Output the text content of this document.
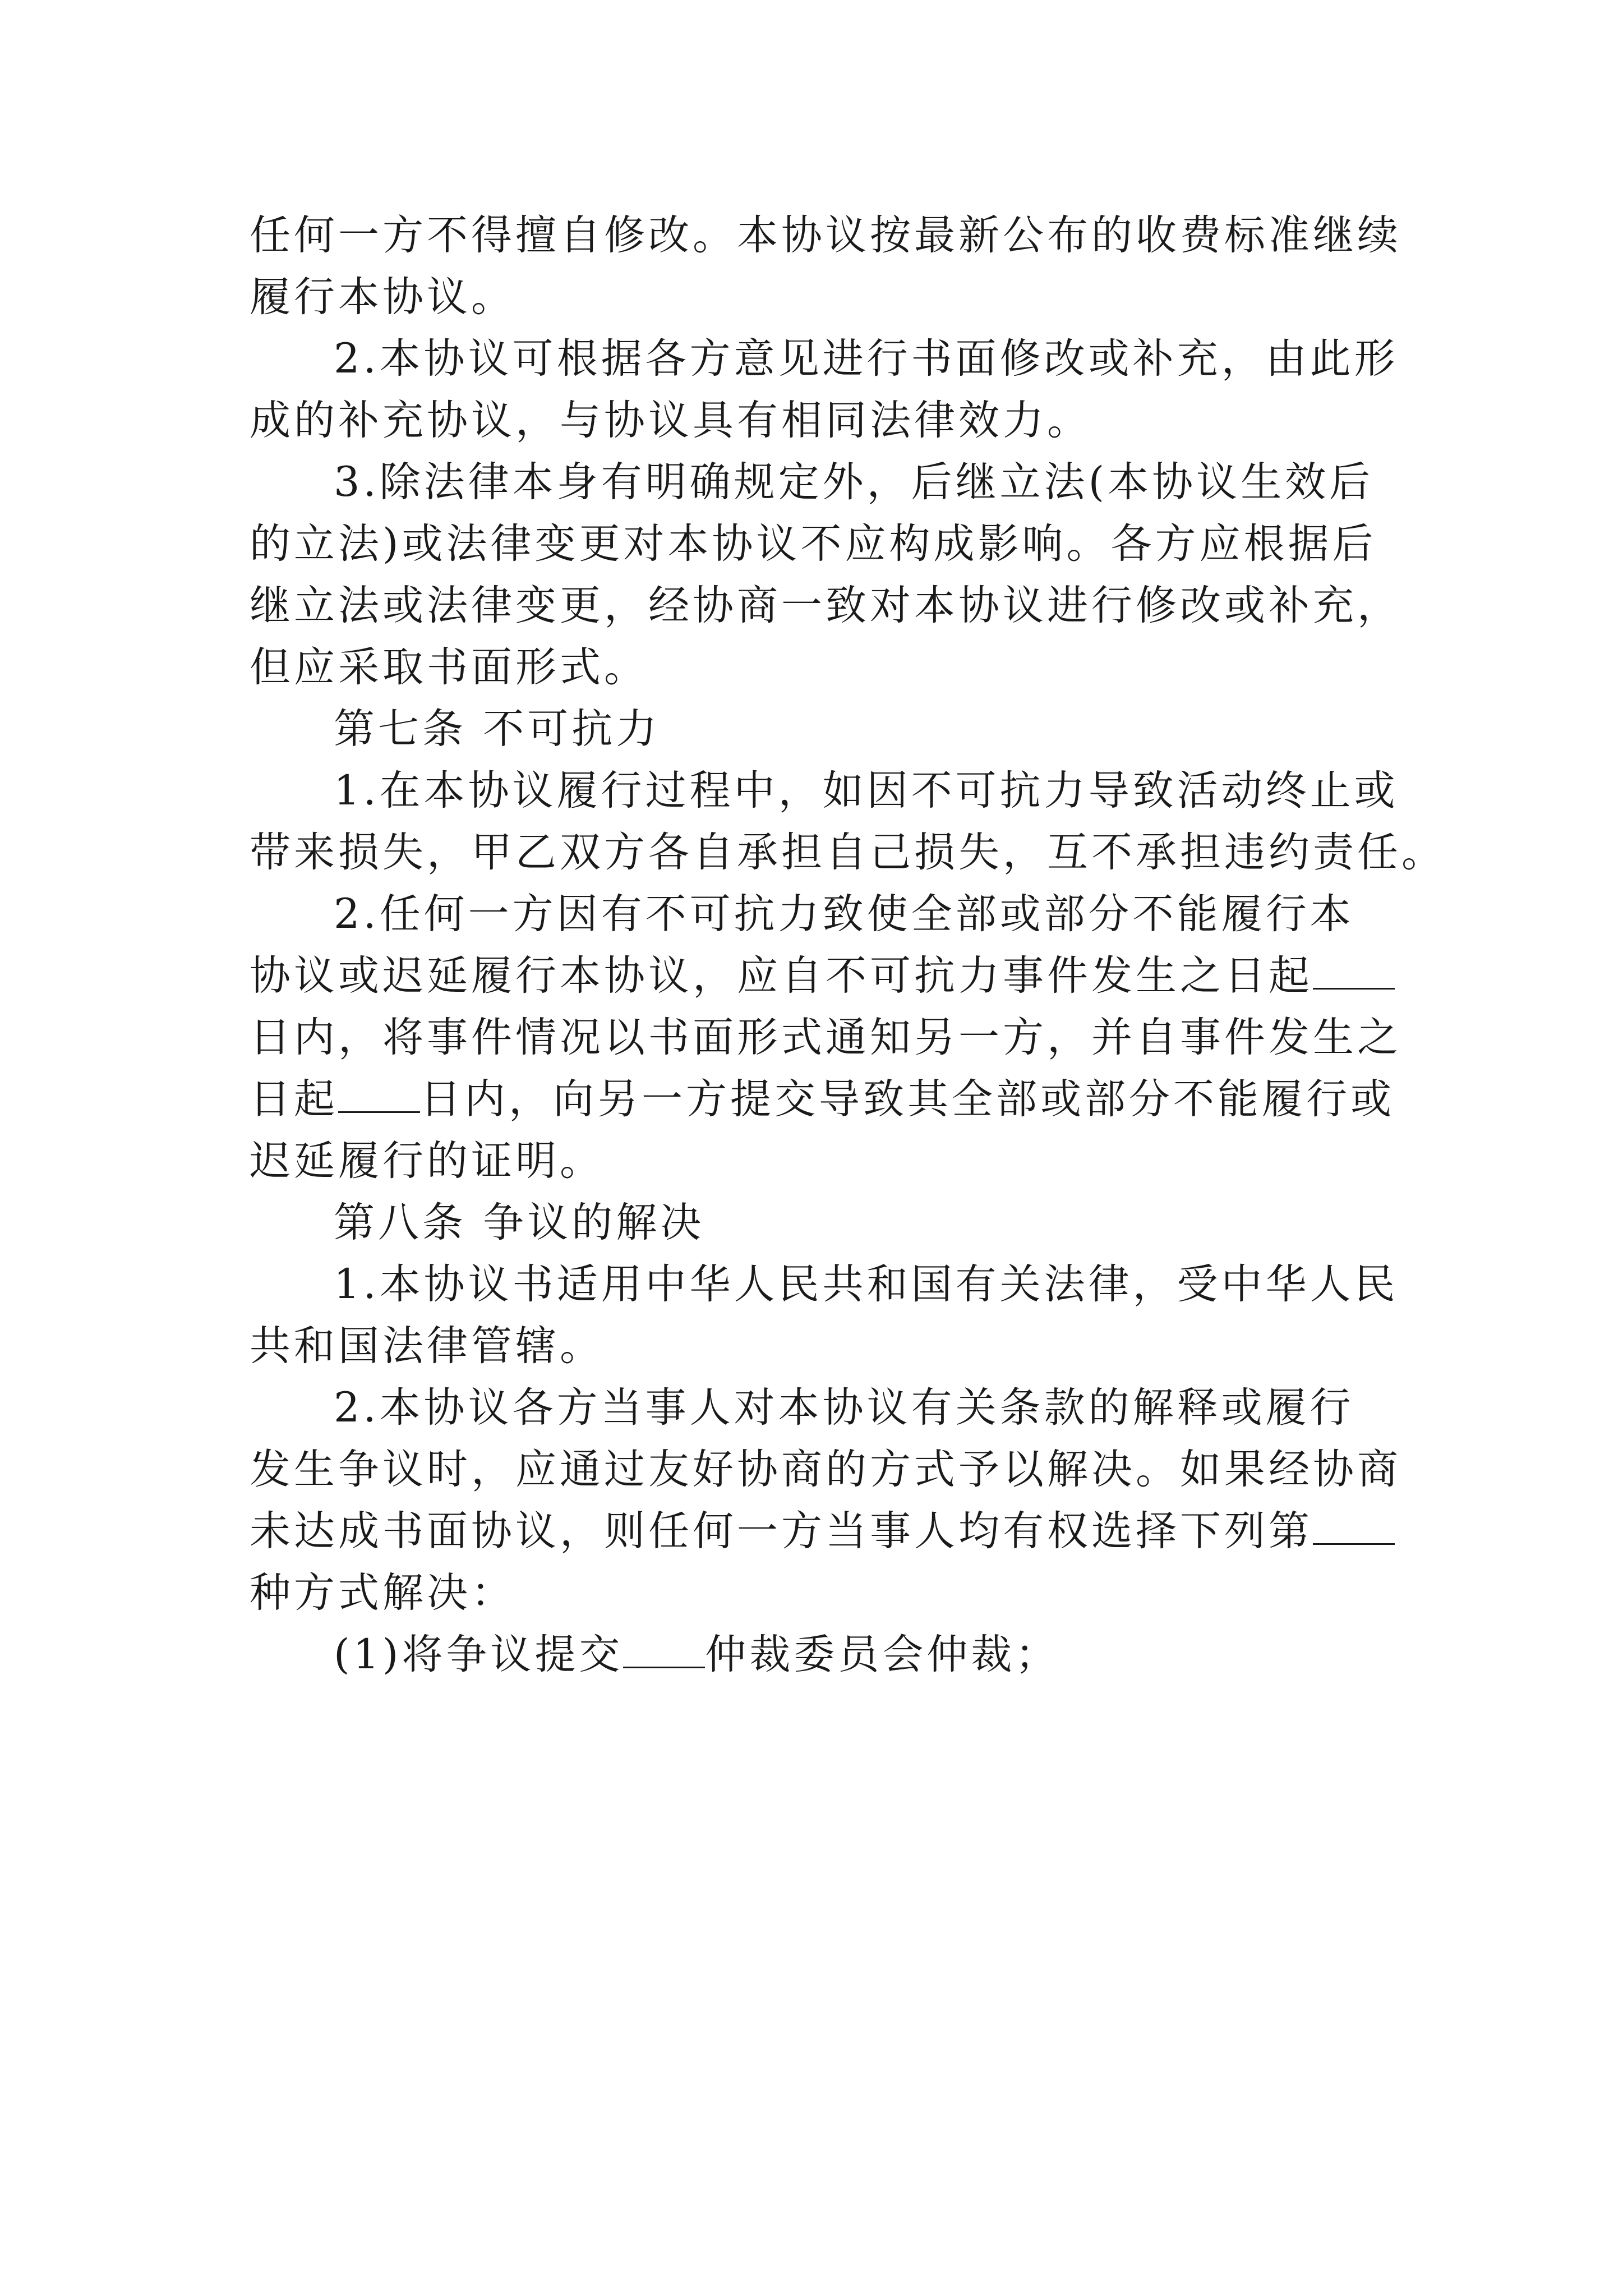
任何一方不得擅自修改。本协议按最新公布的收费标准继续
履行本协议。
2.本协议可根据各方意见进行书面修改或补充，由此形
成的补充协议，与协议具有相同法律效力。
3.除法律本身有明确规定外，后继立法(本协议生效后
的立法)或法律变更对本协议不应构成影响。各方应根据后
继立法或法律变更，经协商一致对本协议进行修改或补充，
但应采取书面形式。
第七条 不可抗力
1.在本协议履行过程中，如因不可抗力导致活动终止或
带来损失，甲乙双方各自承担自己损失，互不承担违约责任。
2.任何一方因有不可抗力致使全部或部分不能履行本
协议或迟延履行本协议，应自不可抗力事件发生之日起
日内，将事件情况以书面形式通知另一方，并自事件发生之
日起 日内，向另一方提交导致其全部或部分不能履行或
迟延履行的证明。
第八条 争议的解决
1.本协议书适用中华人民共和国有关法律，受中华人民
共和国法律管辖。
2.本协议各方当事人对本协议有关条款的解释或履行
发生争议时，应通过友好协商的方式予以解决。如果经协商
未达成书面协议，则任何一方当事人均有权选择下列第
种方式解决：
(1)将争议提交 仲裁委员会仲裁；
